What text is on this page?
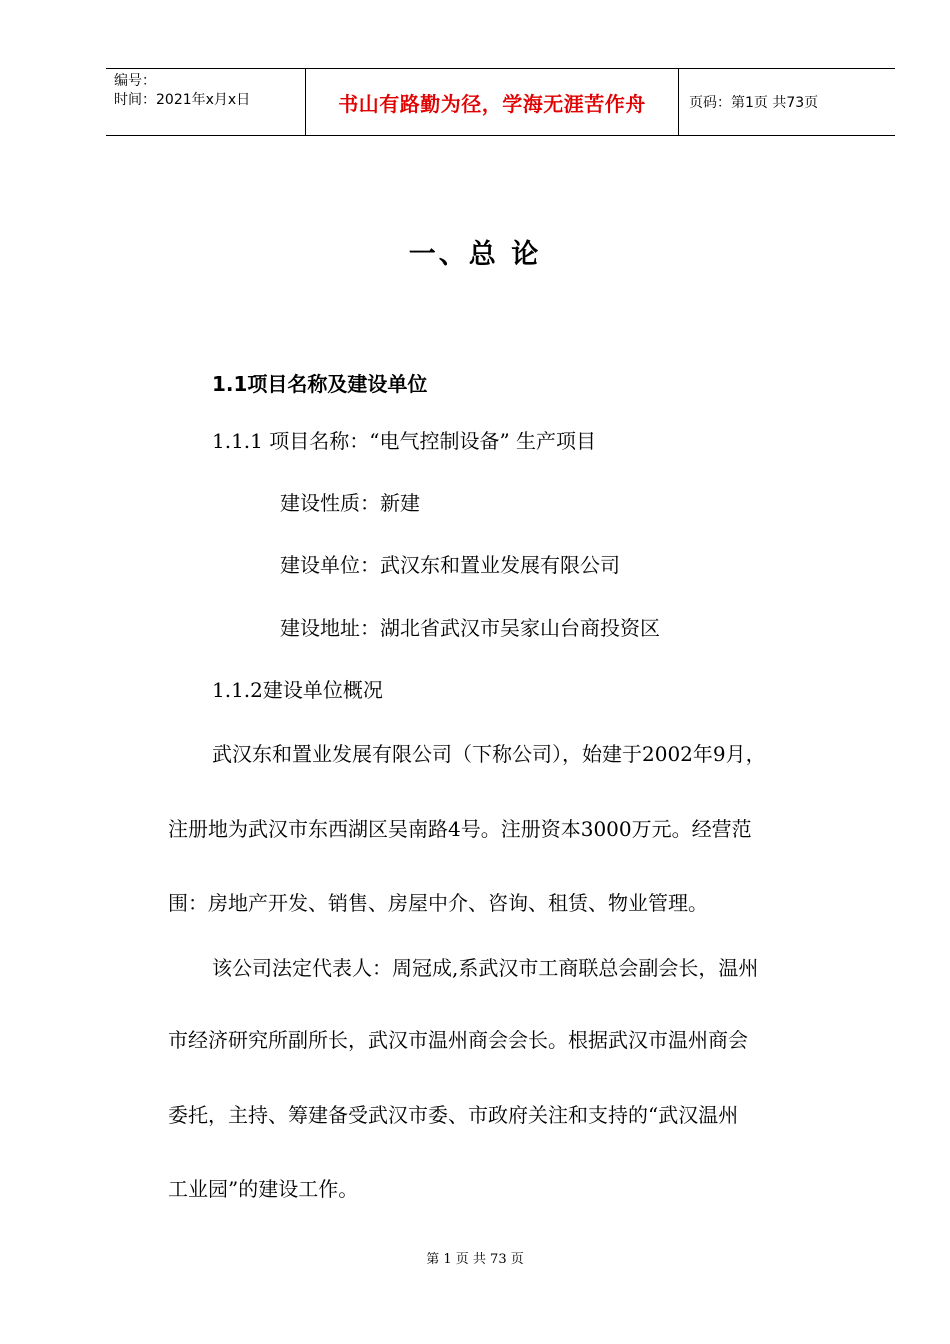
编号：
时间：2021年x月x日	书山有路勤为径，学海无涯苦作舟	页码：第1页 共73页
一、总 论
1.1项目名称及建设单位
1.1.1 项目名称：“电气控制设备” 生产项目
建设性质：新建
建设单位：武汉东和置业发展有限公司
建设地址：湖北省武汉市吴家山台商投资区
1.1.2建设单位概况
武汉东和置业发展有限公司（下称公司），始建于2002年9月，
注册地为武汉市东西湖区吴南路4号。注册资本3000万元。经营范
围：房地产开发、销售、房屋中介、咨询、租赁、物业管理。
该公司法定代表人：周冠成,系武汉市工商联总会副会长，温州
市经济研究所副所长，武汉市温州商会会长。根据武汉市温州商会
委托，主持、筹建备受武汉市委、市政府关注和支持的“武汉温州
工业园”的建设工作。
第 1 页 共 73 页
